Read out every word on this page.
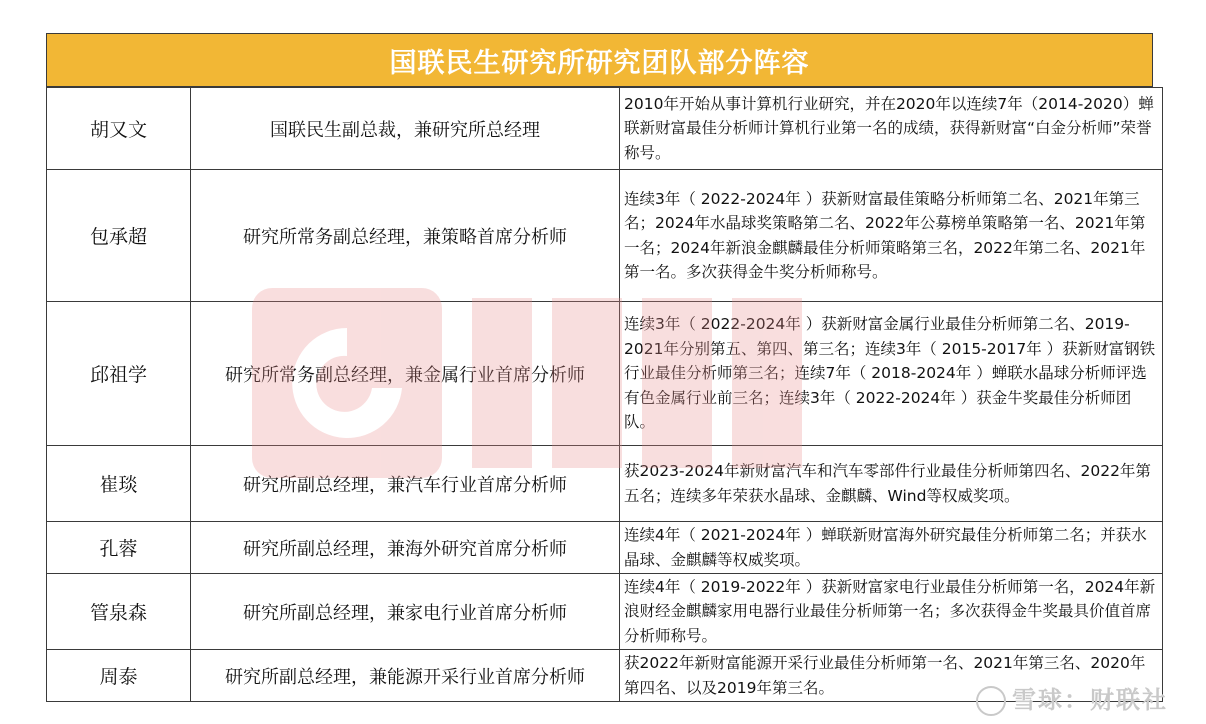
国联民生研究所研究团队部分阵容
胡又文	国联民生副总裁，兼研究所总经理	2010年开始从事计算机行业研究，并在2020年以连续7年（2014-2020）蝉联新财富最佳分析师计算机行业第一名的成绩，获得新财富“白金分析师”荣誉称号。
包承超	研究所常务副总经理，兼策略首席分析师	连续3年（ 2022-2024年 ）获新财富最佳策略分析师第二名、2021年第三名；2024年水晶球奖策略第二名、2022年公募榜单策略第一名、2021年第一名；2024年新浪金麒麟最佳分析师策略第三名，2022年第二名、2021年第一名。多次获得金牛奖分析师称号。
邱祖学	研究所常务副总经理，兼金属行业首席分析师	连续3年（ 2022-2024年 ）获新财富金属行业最佳分析师第二名、2019-2021年分别第五、第四、第三名；连续3年（ 2015-2017年 ）获新财富钢铁行业最佳分析师第三名；连续7年（ 2018-2024年 ）蝉联水晶球分析师评选有色金属行业前三名；连续3年（ 2022-2024年 ）获金牛奖最佳分析师团队。
崔琰	研究所副总经理，兼汽车行业首席分析师	获2023-2024年新财富汽车和汽车零部件行业最佳分析师第四名、2022年第五名；连续多年荣获水晶球、金麒麟、Wind等权威奖项。
孔蓉	研究所副总经理，兼海外研究首席分析师	连续4年（ 2021-2024年 ）蝉联新财富海外研究最佳分析师第二名；并获水晶球、金麒麟等权威奖项。
管泉森	研究所副总经理，兼家电行业首席分析师	连续4年（ 2019-2022年 ）获新财富家电行业最佳分析师第一名，2024年新浪财经金麒麟家用电器行业最佳分析师第一名；多次获得金牛奖最具价值首席分析师称号。
周泰	研究所副总经理，兼能源开采行业首席分析师	获2022年新财富能源开采行业最佳分析师第一名、2021年第三名、2020年第四名、以及2019年第三名。	雪球：财联社
